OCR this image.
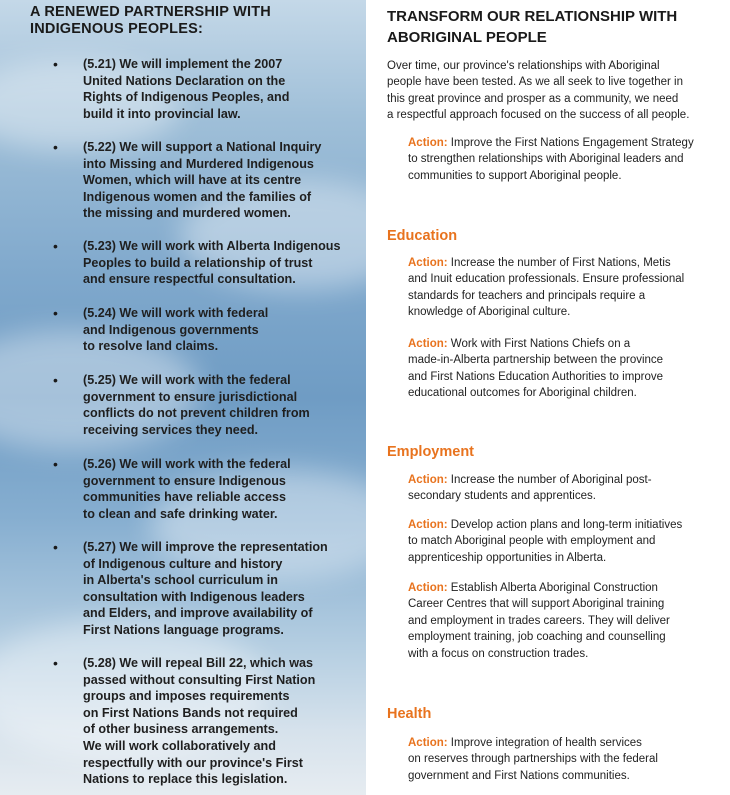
A RENEWED PARTNERSHIP WITH
INDIGENOUS PEOPLES:
• (5.21) We will implement the 2007
United Nations Declaration on the
Rights of Indigenous Peoples, and
build it into provincial law.

• (5.22) We will support a National Inquiry
into Missing and Murdered Indigenous
Women, which will have at its centre
Indigenous women and the families of
the missing and murdered women.

• (5.23) We will work with Alberta Indigenous
Peoples to build a relationship of trust
and ensure respectful consultation.

• (5.24) We will work with federal
and Indigenous governments
to resolve land claims.

• (5.25) We will work with the federal
government to ensure jurisdictional
conflicts do not prevent children from
receiving services they need.

• (5.26) We will work with the federal
government to ensure Indigenous
communities have reliable access
to clean and safe drinking water.

• (5.27) We will improve the representation
of Indigenous culture and history
in Alberta's school curriculum in
consultation with Indigenous leaders
and Elders, and improve availability of
First Nations language programs.

• (5.28) We will repeal Bill 22, which was
passed without consulting First Nation
groups and imposes requirements
on First Nations Bands not required
of other business arrangements.
We will work collaboratively and
respectfully with our province's First
Nations to replace this legislation.

TRANSFORM OUR RELATIONSHIP WITH
ABORIGINAL PEOPLE

Over time, our province's relationships with Aboriginal
people have been tested. As we all seek to live together in
this great province and prosper as a community, we need
a respectful approach focused on the success of all people.

Action: Improve the First Nations Engagement Strategy
to strengthen relationships with Aboriginal leaders and
communities to support Aboriginal people.

Education

Action: Increase the number of First Nations, Metis
and Inuit education professionals. Ensure professional
standards for teachers and principals require a
knowledge of Aboriginal culture.

Action: Work with First Nations Chiefs on a
made-in-Alberta partnership between the province
and First Nations Education Authorities to improve
educational outcomes for Aboriginal children.

Employment

Action: Increase the number of Aboriginal post-
secondary students and apprentices.

Action: Develop action plans and long-term initiatives
to match Aboriginal people with employment and
apprenticeship opportunities in Alberta.

Action: Establish Alberta Aboriginal Construction
Career Centres that will support Aboriginal training
and employment in trades careers. They will deliver
employment training, job coaching and counselling
with a focus on construction trades.

Health

Action: Improve integration of health services
on reserves through partnerships with the federal
government and First Nations communities.
